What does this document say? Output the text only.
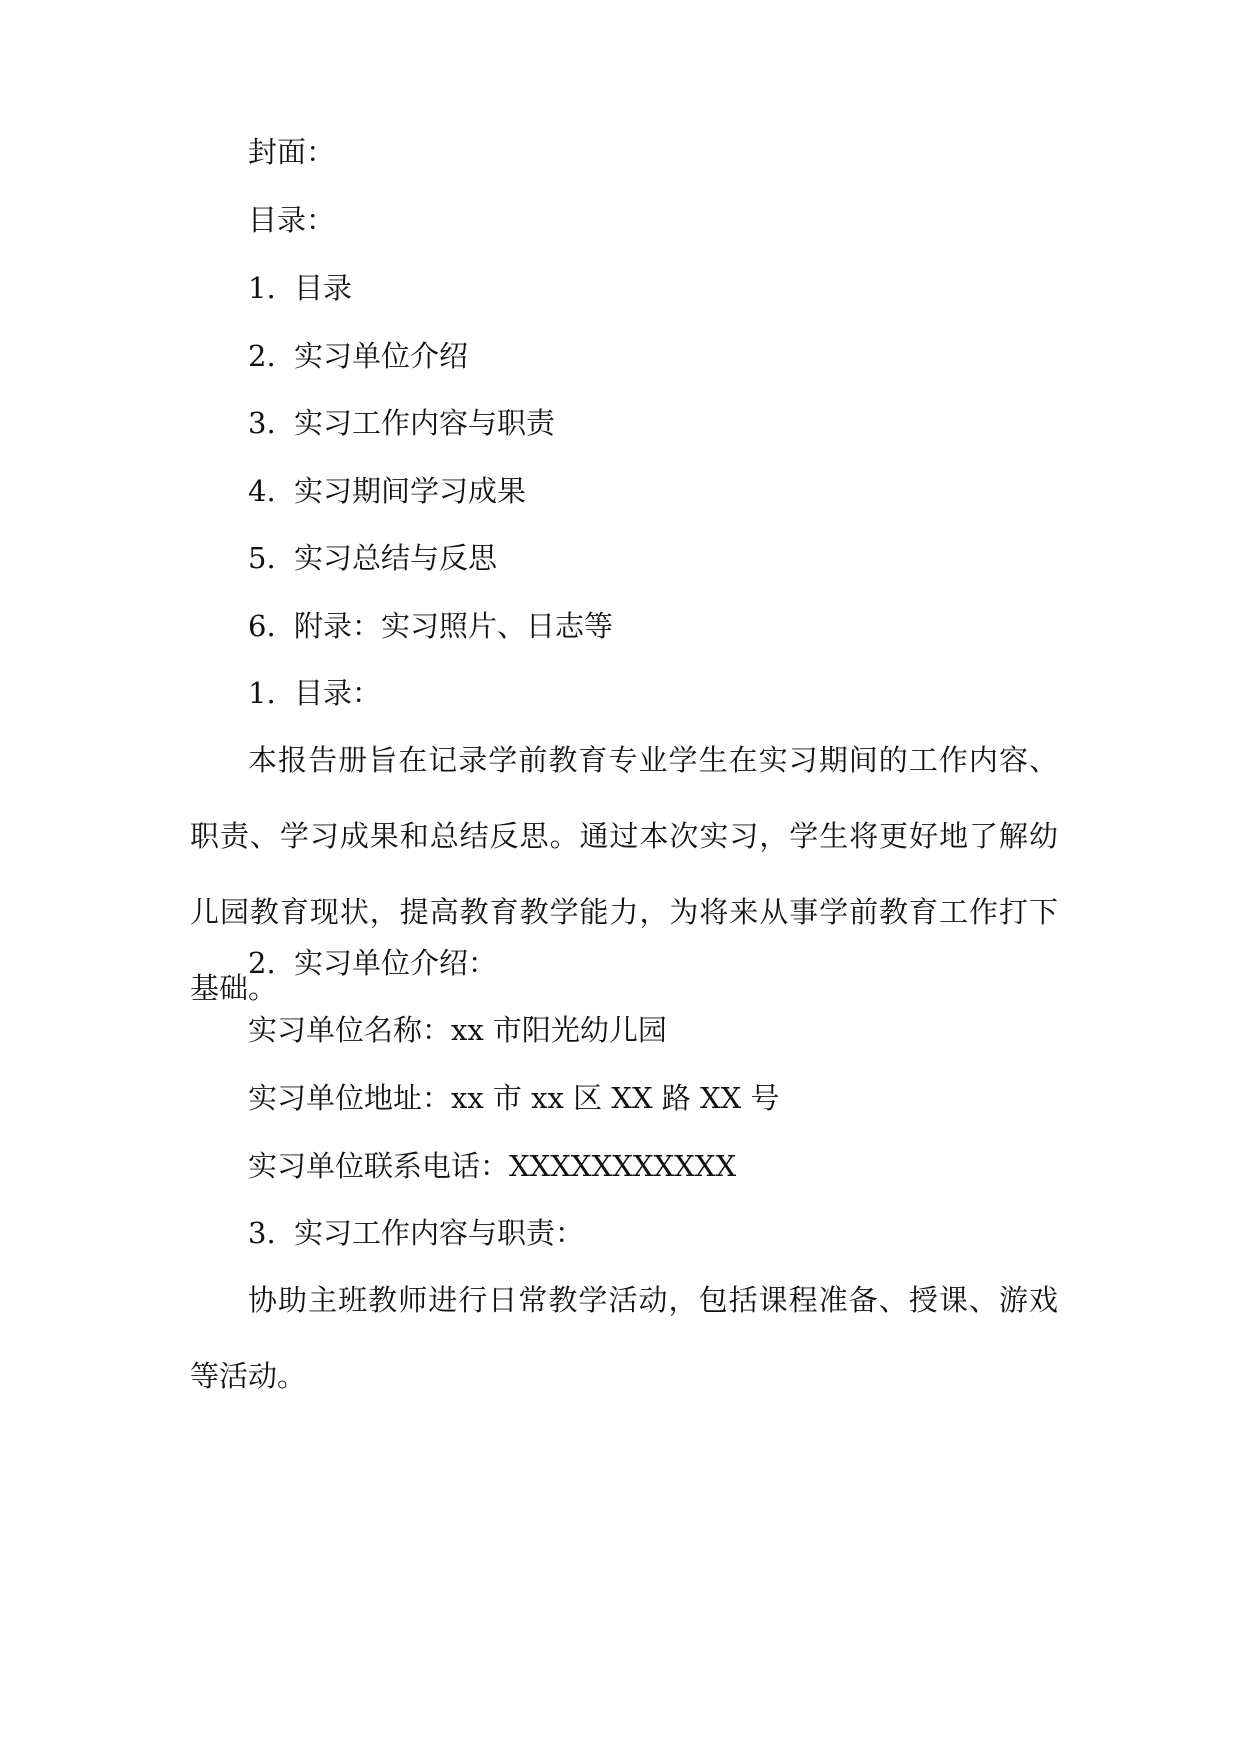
封面：
目录：
1. 目录
2. 实习单位介绍
3. 实习工作内容与职责
4. 实习期间学习成果
5. 实习总结与反思
6. 附录：实习照片、日志等
1. 目录：
本报告册旨在记录学前教育专业学生在实习期间的工作内容、职责、学习成果和总结反思。通过本次实习，学生将更好地了解幼儿园教育现状，提高教育教学能力，为将来从事学前教育工作打下基础。
2. 实习单位介绍：
实习单位名称：xx 市阳光幼儿园
实习单位地址：xx 市 xx 区 XX 路 XX 号
实习单位联系电话：XXXXXXXXXXX
3. 实习工作内容与职责：
协助主班教师进行日常教学活动，包括课程准备、授课、游戏等活动。
